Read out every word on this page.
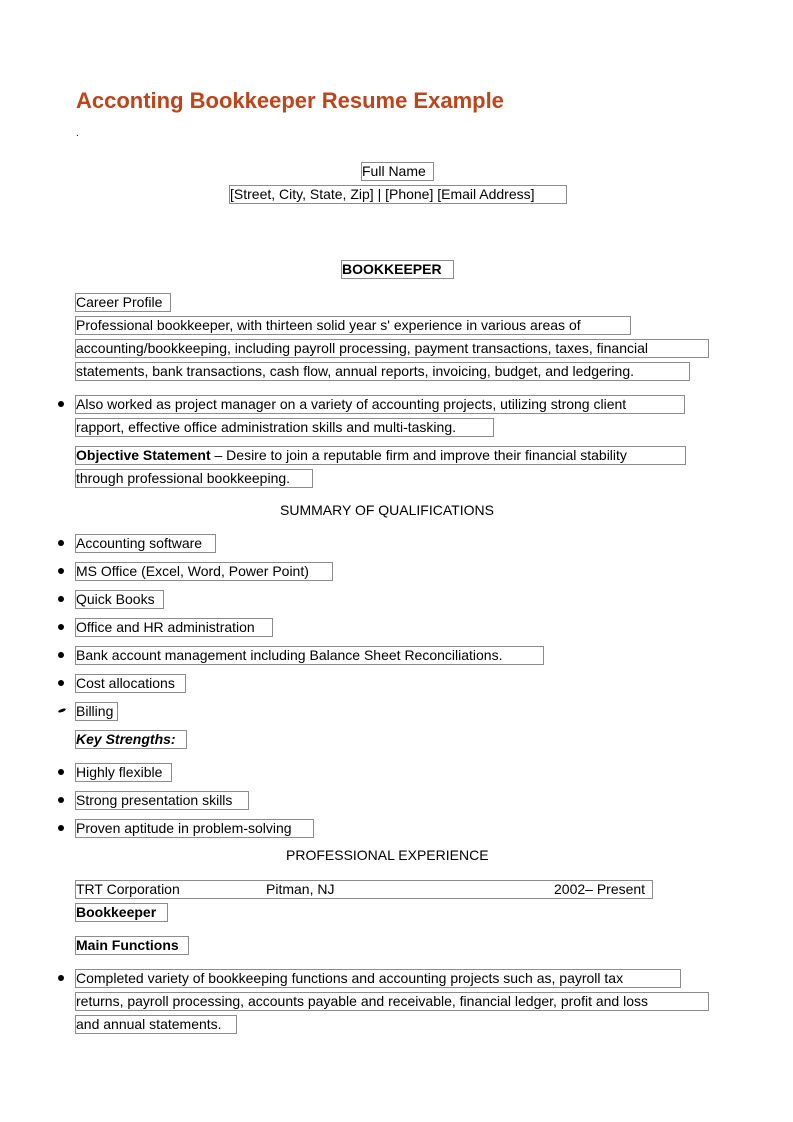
Acconting Bookkeeper Resume Example
.
Full Name
[Street, City, State, Zip] | [Phone] [Email Address]
BOOKKEEPER
Career Profile
Professional bookkeeper, with thirteen solid year s' experience in various areas of
accounting/bookkeeping, including payroll processing, payment transactions, taxes, financial
statements, bank transactions, cash flow, annual reports, invoicing, budget, and ledgering.
Also worked as project manager on a variety of accounting projects, utilizing strong client
rapport, effective office administration skills and multi-tasking.
Objective Statement – Desire to join a reputable firm and improve their financial stability
through professional bookkeeping.
SUMMARY OF QUALIFICATIONS
Accounting software
MS Office (Excel, Word, Power Point)
Quick Books
Office and HR administration
Bank account management including Balance Sheet Reconciliations.
Cost allocations
Billing
Key Strengths:
Highly flexible
Strong presentation skills
Proven aptitude in problem-solving
PROFESSIONAL EXPERIENCE
TRT Corporation	Pitman, NJ	2002– Present
Bookkeeper
Main Functions
Completed variety of bookkeeping functions and accounting projects such as, payroll tax
returns, payroll processing, accounts payable and receivable, financial ledger, profit and loss
and annual statements.
